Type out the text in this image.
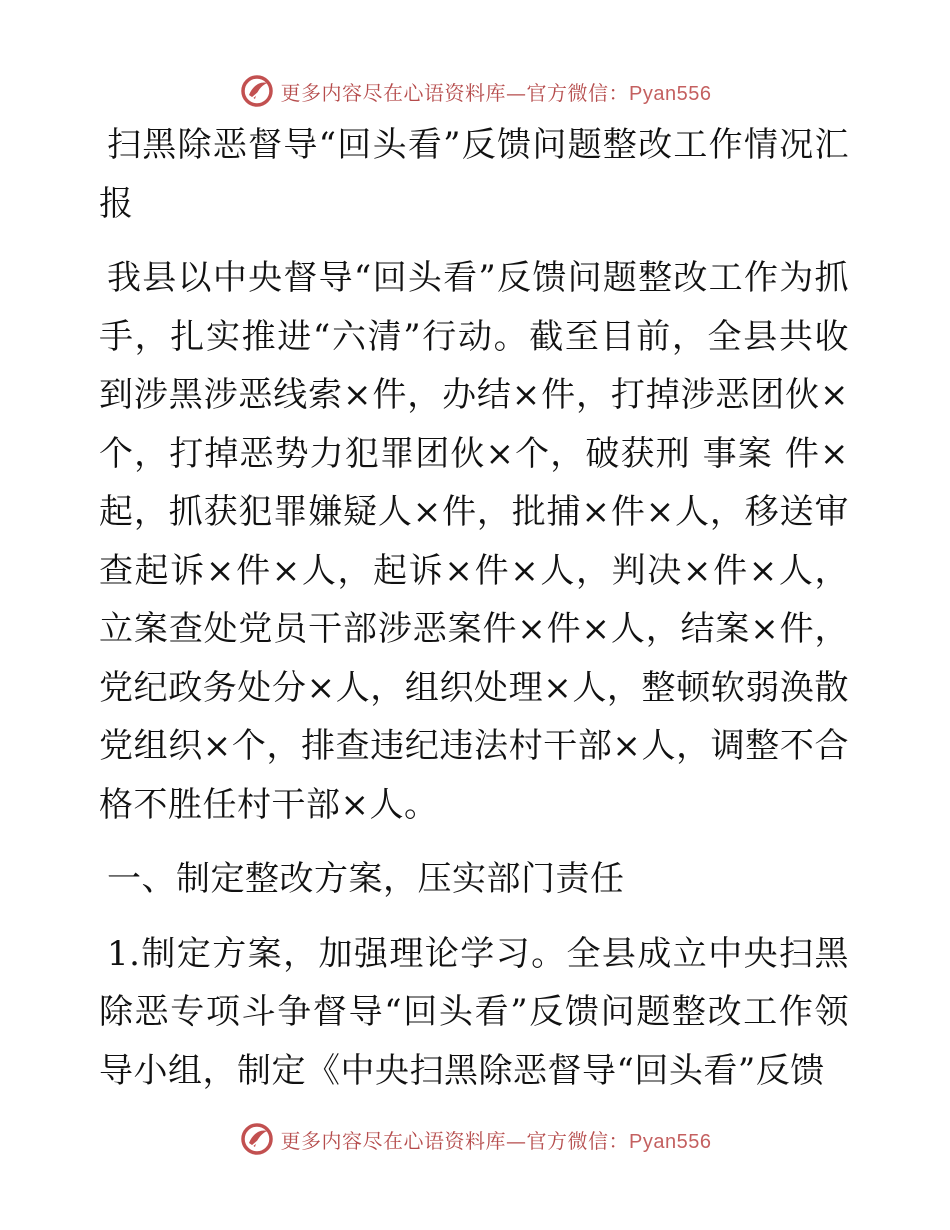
更多内容尽在心语资料库—官方微信：Pyan556

扫黑除恶督导“回头看”反馈问题整改工作情况汇报

我县以中央督导“回头看”反馈问题整改工作为抓手，扎实推进“六清”行动。截至目前，全县共收到涉黑涉恶线索×件，办结×件，打掉涉恶团伙×个，打掉恶势力犯罪团伙×个，破获刑 事案 件×起，抓获犯罪嫌疑人×件，批捕×件×人，移送审查起诉×件×人，起诉×件×人，判决×件×人，立案查处党员干部涉恶案件×件×人，结案×件，党纪政务处分×人，组织处理×人，整顿软弱涣散党组织×个，排查违纪违法村干部×人，调整不合格不胜任村干部×人。

一、制定整改方案，压实部门责任

1.制定方案，加强理论学习。全县成立中央扫黑除恶专项斗争督导“回头看”反馈问题整改工作领导小组，制定《中央扫黑除恶督导“回头看”反馈

更多内容尽在心语资料库—官方微信：Pyan556
